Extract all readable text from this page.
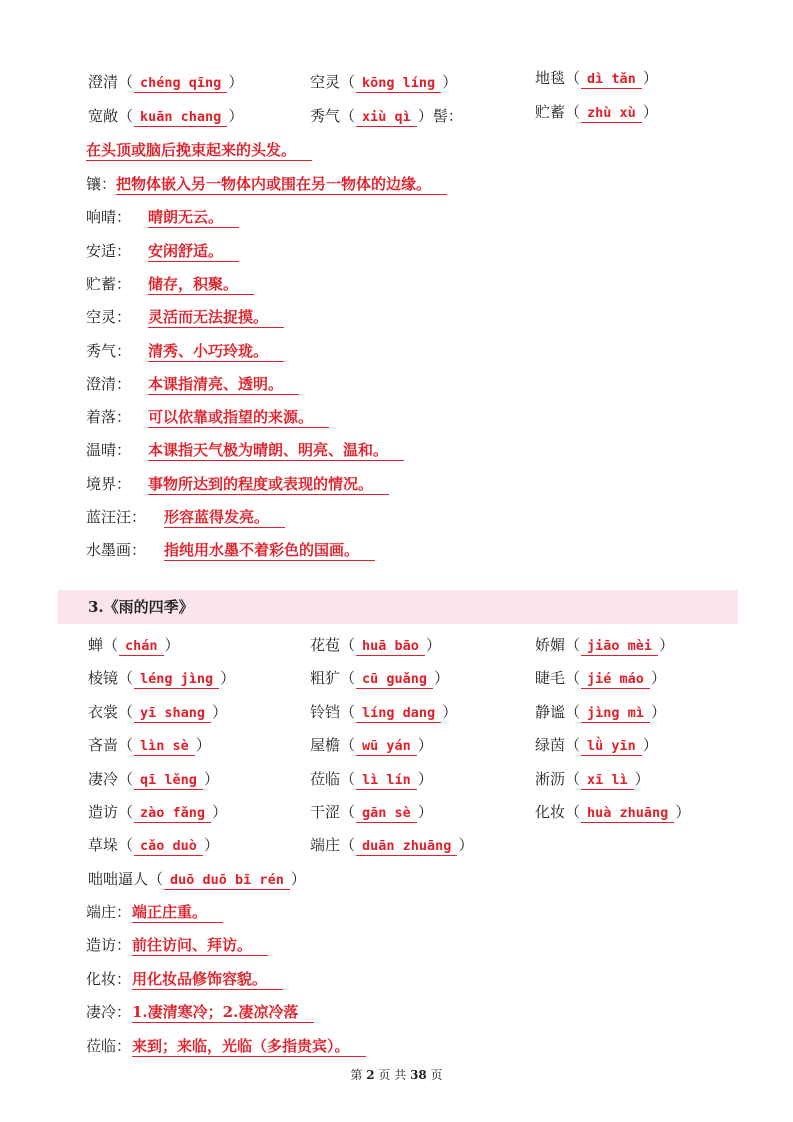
澄清（ chéng qīng ）	空灵（ kōng líng ）	地毯（ dì tǎn ）
宽敞（ kuān chang ）	秀气（ xiù qì ）髻：	贮蓄（ zhù xù ）
在头顶或脑后挽束起来的头发。
镶： 把物体嵌入另一物体内或围在另一物体的边缘。
响晴： 晴朗无云。
安适： 安闲舒适。
贮蓄： 储存，积聚。
空灵： 灵活而无法捉摸。
秀气： 清秀、小巧玲珑。
澄清： 本课指清亮、透明。
着落： 可以依靠或指望的来源。
温晴： 本课指天气极为晴朗、明亮、温和。
境界： 事物所达到的程度或表现的情况。
蓝汪汪： 形容蓝得发亮。
水墨画： 指纯用水墨不着彩色的国画。
3.《雨的四季》
蝉（ chán ）	花苞（ huā bāo ）	娇媚（ jiāo mèi ）
棱镜（ léng jìng ）	粗犷（ cū guǎng ）	睫毛（ jié máo ）
衣裳（ yī shang ）	铃铛（ líng dang ）	静谧（ jìng mì ）
吝啬（ lìn sè ）	屋檐（ wū yán ）	绿茵（ lǜ yīn ）
凄冷（ qī lěng ）	莅临（ lì lín ）	淅沥（ xī lì ）
造访（ zào fǎng ）	干涩（ gān sè ）	化妆（ huà zhuāng ）
草垛（ cǎo duò ）	端庄（ duān zhuāng ）
咄咄逼人（ duō duō bī rén ）
端庄： 端正庄重。
造访： 前往访问、拜访。
化妆： 用化妆品修饰容貌。
凄冷： 1.凄清寒冷；2.凄凉冷落
莅临： 来到；来临，光临（多指贵宾）。
第 2 页 共 38 页
